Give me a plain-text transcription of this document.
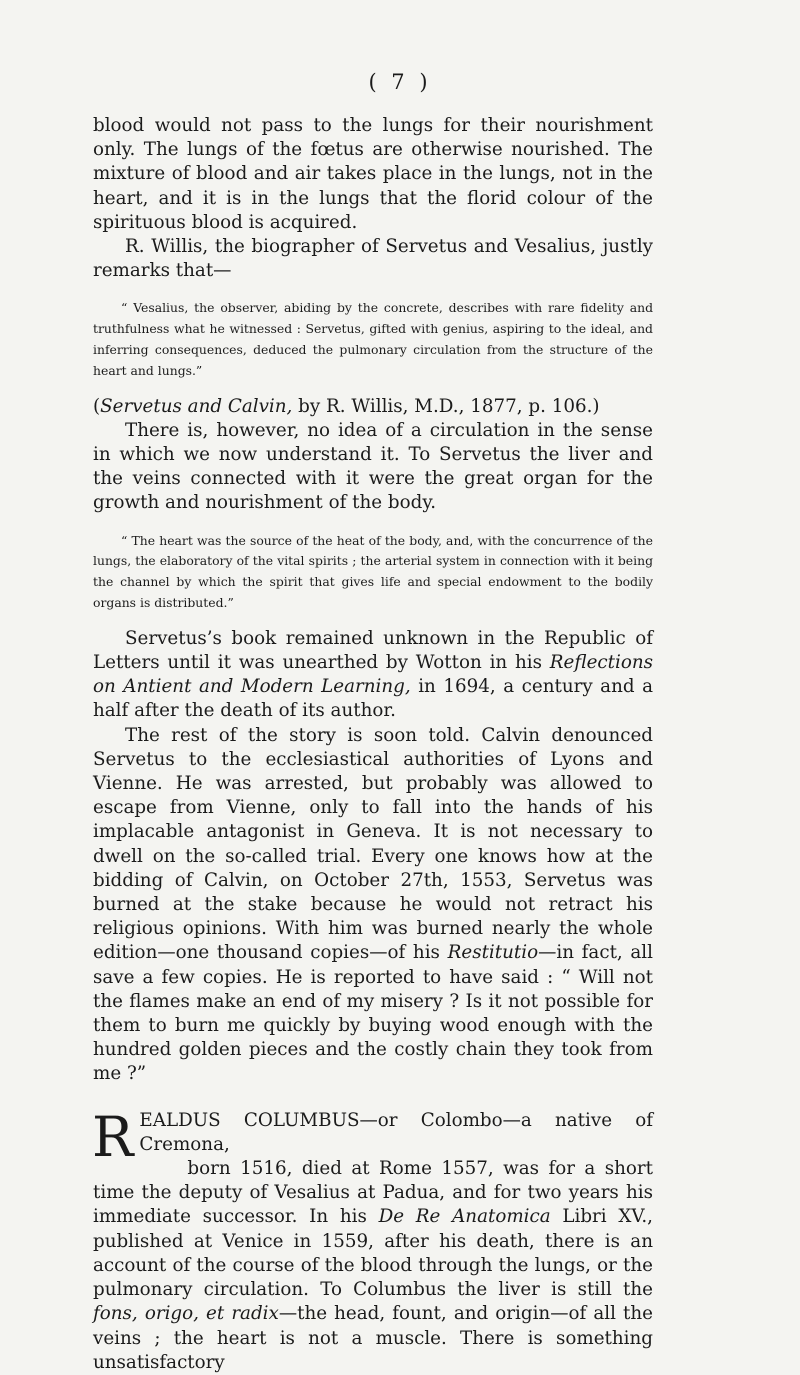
( 7 )

blood would not pass to the lungs for their nourishment only. The lungs of the fœtus are otherwise nourished. The mixture of blood and air takes place in the lungs, not in the heart, and it is in the lungs that the florid colour of the spirituous blood is acquired.

R. Willis, the biographer of Servetus and Vesalius, justly remarks that—

“ Vesalius, the observer, abiding by the concrete, describes with rare fidelity and truthfulness what he witnessed : Servetus, gifted with genius, aspiring to the ideal, and inferring consequences, deduced the pulmonary circulation from the structure of the heart and lungs.”

(Servetus and Calvin, by R. Willis, M.D., 1877, p. 106.)

There is, however, no idea of a circulation in the sense in which we now understand it. To Servetus the liver and the veins connected with it were the great organ for the growth and nourishment of the body.

“ The heart was the source of the heat of the body, and, with the concurrence of the lungs, the elaboratory of the vital spirits ; the arterial system in connection with it being the channel by which the spirit that gives life and special endowment to the bodily organs is distributed.”

Servetus’s book remained unknown in the Republic of Letters until it was unearthed by Wotton in his Reflections on Antient and Modern Learning, in 1694, a century and a half after the death of its author.

The rest of the story is soon told. Calvin denounced Servetus to the ecclesiastical authorities of Lyons and Vienne. He was arrested, but probably was allowed to escape from Vienne, only to fall into the hands of his implacable antagonist in Geneva. It is not necessary to dwell on the so-called trial. Every one knows how at the bidding of Calvin, on October 27th, 1553, Servetus was burned at the stake because he would not retract his religious opinions. With him was burned nearly the whole edition—one thousand copies—of his Restitutio—in fact, all save a few copies. He is reported to have said : “ Will not the flames make an end of my misery ? Is it not possible for them to burn me quickly by buying wood enough with the hundred golden pieces and the costly chain they took from me ?”

R EALDUS COLUMBUS—or Colombo—a native of Cremona,

born 1516, died at Rome 1557, was for a short time the deputy of Vesalius at Padua, and for two years his immediate successor. In his De Re Anatomica Libri XV., published at Venice in 1559, after his death, there is an account of the course of the blood through the lungs, or the pulmonary circulation. To Columbus the liver is still the fons, origo, et radix—the head, fount, and origin—of all the veins ; the heart is not a muscle. There is something unsatisfactory
